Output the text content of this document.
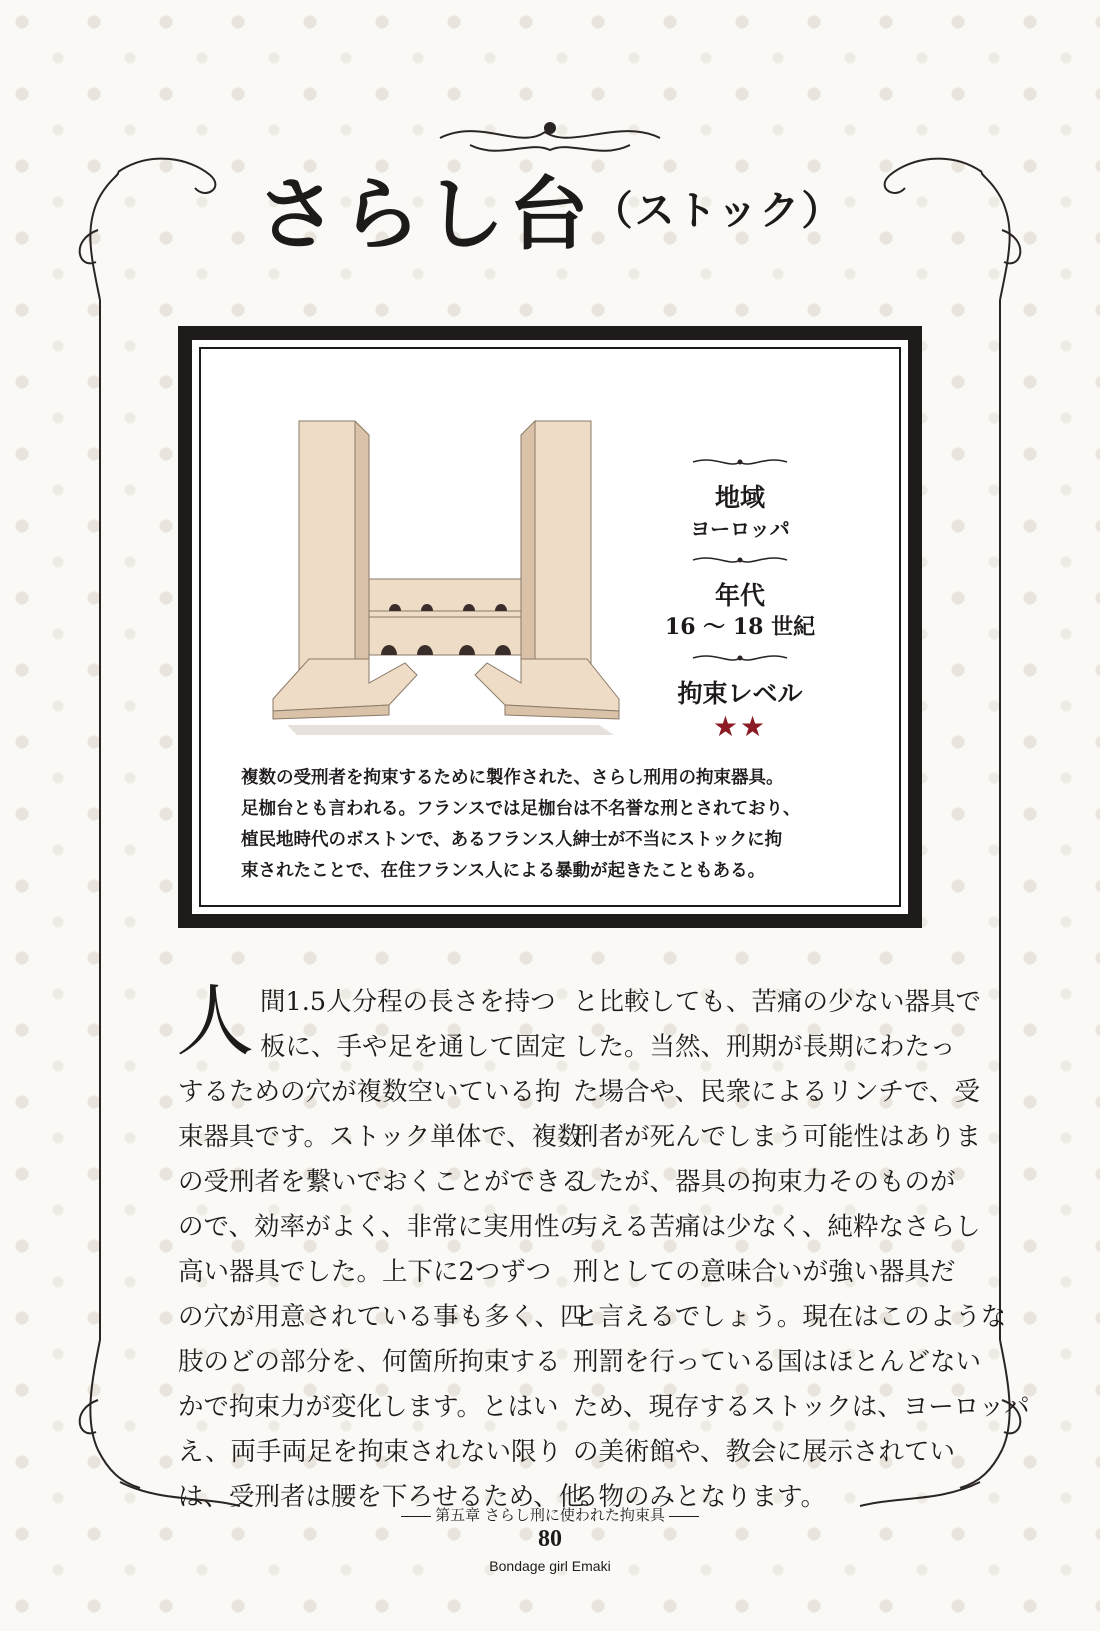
さらし台（ストック）
地域
ヨーロッパ
年代
16 ～ 18 世紀
拘束レベル
★★

複数の受刑者を拘束するために製作された、さらし刑用の拘束器具。

足枷台とも言われる。フランスでは足枷台は不名誉な刑とされており、

植民地時代のボストンで、あるフランス人紳士が不当にストックに拘

束されたことで、在住フランス人による暴動が起きたこともある。

人 間1.5人分程の長さを持つ

板に、手や足を通して固定

するための穴が複数空いている拘

束器具です。ストック単体で、複数

の受刑者を繋いでおくことができる

ので、効率がよく、非常に実用性の

高い器具でした。上下に2つずつ

の穴が用意されている事も多く、四

肢のどの部分を、何箇所拘束する

かで拘束力が変化します。とはい

え、両手両足を拘束されない限り

は、受刑者は腰を下ろせるため、他

と比較しても、苦痛の少ない器具で

した。当然、刑期が長期にわたっ

た場合や、民衆によるリンチで、受

刑者が死んでしまう可能性はありま

したが、器具の拘束力そのものが

与える苦痛は少なく、純粋なさらし

刑としての意味合いが強い器具だ

と言えるでしょう。現在はこのような

刑罰を行っている国はほとんどない

ため、現存するストックは、ヨーロッパ

の美術館や、教会に展示されてい

る物のみとなります。

第五章 さらし刑に使われた拘束具
80
Bondage girl Emaki
